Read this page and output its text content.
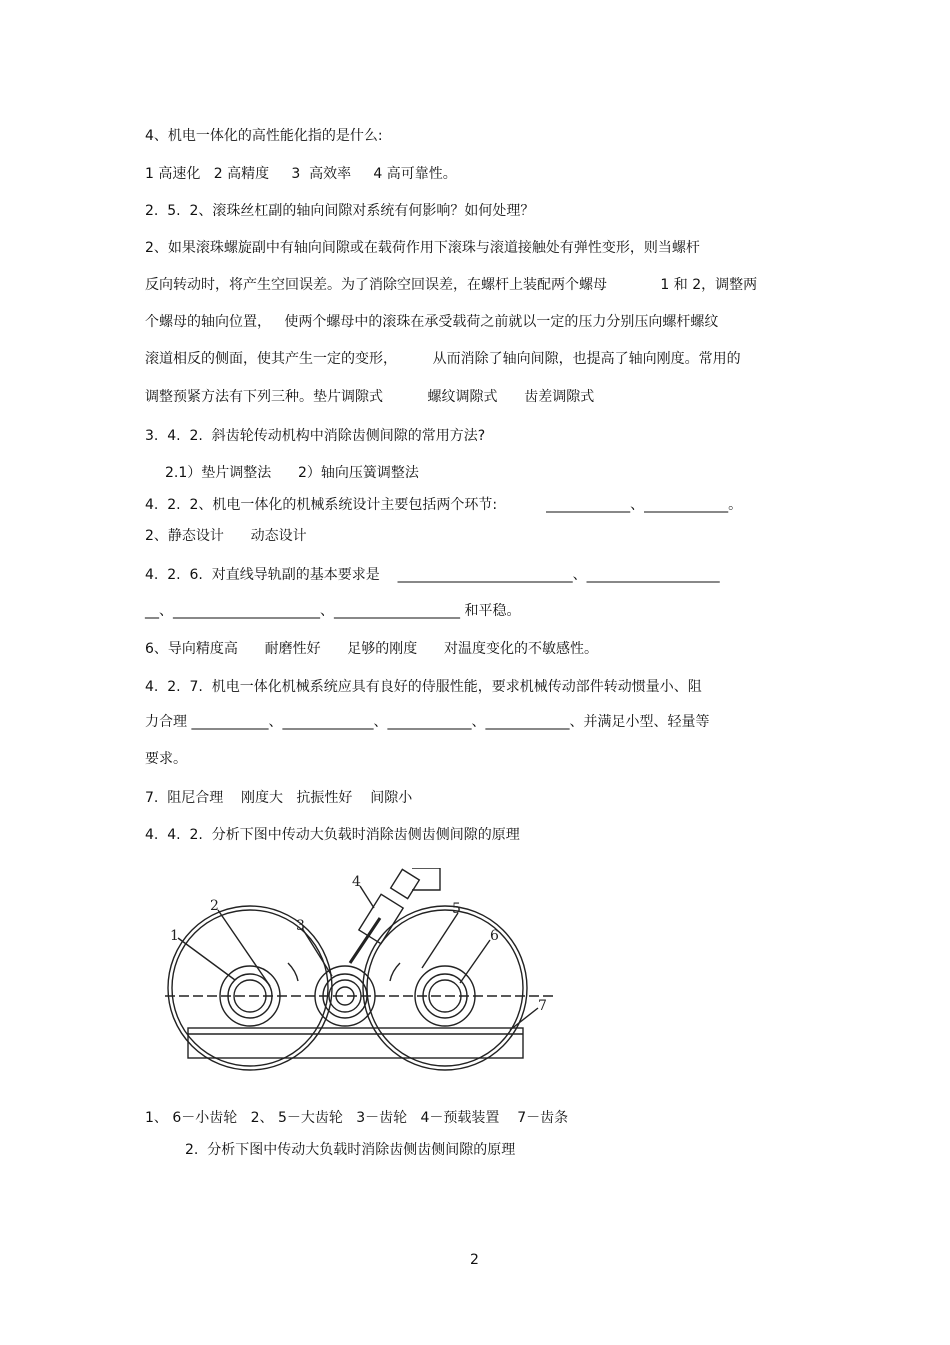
4、机电一体化的高性能化指的是什么:
1 高速化   2 高精度     3  高效率     4 高可靠性。
2.  5.  2、滚珠丝杠副的轴向间隙对系统有何影响？如何处理？
2、如果滚珠螺旋副中有轴向间隙或在载荷作用下滚珠与滚道接触处有弹性变形，则当螺杆
反向转动时，将产生空回误差。为了消除空回误差，在螺杆上装配两个螺母            1 和 2，调整两
个螺母的轴向位置，   使两个螺母中的滚珠在承受载荷之前就以一定的压力分别压向螺杆螺纹
滚道相反的侧面，使其产生一定的变形，        从而消除了轴向间隙，也提高了轴向刚度。常用的
调整预紧方法有下列三种。垫片调隙式          螺纹调隙式      齿差调隙式
3.  4.  2.  斜齿轮传动机构中消除齿侧间隙的常用方法?
2.1）垫片调整法      2）轴向压簧调整法
4.  2.  2、机电一体化的机械系统设计主要包括两个环节:           ____________、____________。
2、静态设计      动态设计
4.  2.  6.  对直线导轨副的基本要求是    _________________________、___________________
__、_____________________、__________________ 和平稳。
6、导向精度高      耐磨性好      足够的刚度      对温度变化的不敏感性。
4.  2.  7.  机电一体化机械系统应具有良好的侍服性能，要求机械传动部件转动惯量小、阻
力合理 ___________、_____________、____________、____________、并满足小型、轻量等
要求。
7.  阻尼合理    刚度大   抗振性好    间隙小
4.  4.  2.  分析下图中传动大负载时消除齿侧齿侧间隙的原理
1
2
3
4
5
6
7
1、 6－小齿轮   2、 5－大齿轮   3－齿轮   4－预载装置    7－齿条
2.  分析下图中传动大负载时消除齿侧齿侧间隙的原理
2
